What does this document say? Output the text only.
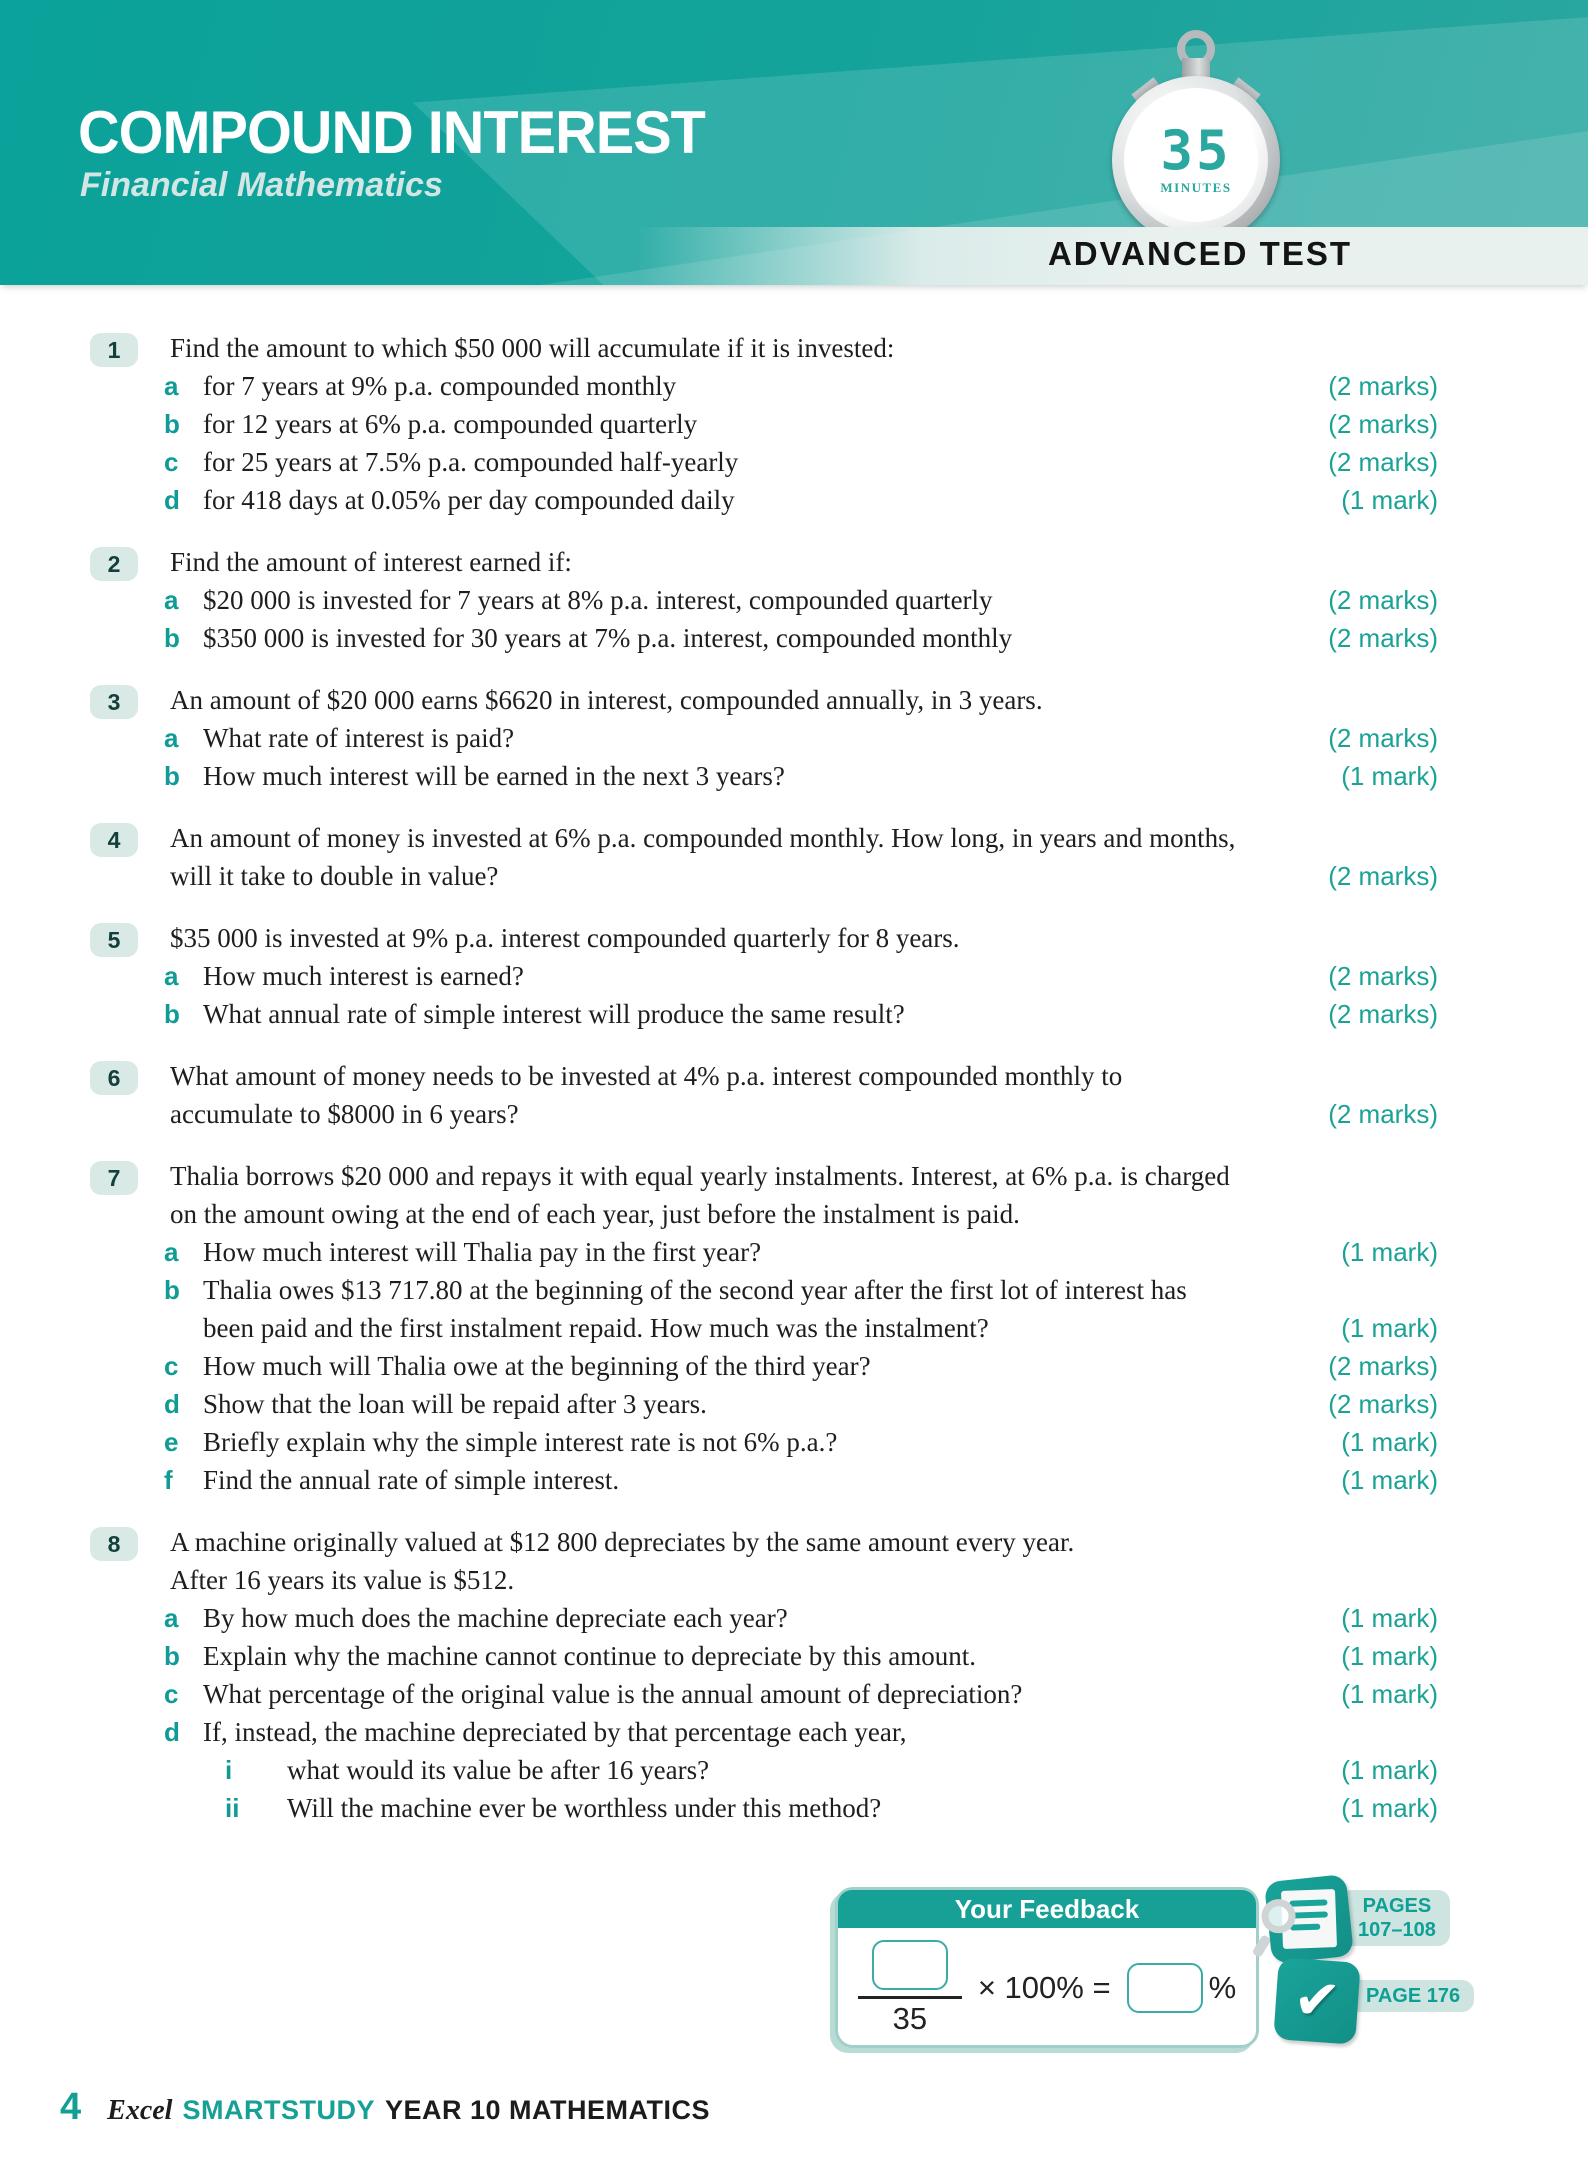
COMPOUND INTEREST
Financial Mathematics
35
MINUTES
ADVANCED TEST
1	Find the amount to which $50 000 will accumulate if it is invested:
a for 7 years at 9% p.a. compounded monthly	(2 marks)
b for 12 years at 6% p.a. compounded quarterly	(2 marks)
c for 25 years at 7.5% p.a. compounded half-yearly	(2 marks)
d for 418 days at 0.05% per day compounded daily	(1 mark)
2	Find the amount of interest earned if:
a $20 000 is invested for 7 years at 8% p.a. interest, compounded quarterly	(2 marks)
b $350 000 is invested for 30 years at 7% p.a. interest, compounded monthly	(2 marks)
3	An amount of $20 000 earns $6620 in interest, compounded annually, in 3 years.
a What rate of interest is paid?	(2 marks)
b How much interest will be earned in the next 3 years?	(1 mark)
4	An amount of money is invested at 6% p.a. compounded monthly. How long, in years and months,
will it take to double in value?	(2 marks)
5	$35 000 is invested at 9% p.a. interest compounded quarterly for 8 years.
a How much interest is earned?	(2 marks)
b What annual rate of simple interest will produce the same result?	(2 marks)
6	What amount of money needs to be invested at 4% p.a. interest compounded monthly to
accumulate to $8000 in 6 years?	(2 marks)
7	Thalia borrows $20 000 and repays it with equal yearly instalments. Interest, at 6% p.a. is charged
on the amount owing at the end of each year, just before the instalment is paid.
a How much interest will Thalia pay in the first year?	(1 mark)
b Thalia owes $13 717.80 at the beginning of the second year after the first lot of interest has
been paid and the first instalment repaid. How much was the instalment?	(1 mark)
c How much will Thalia owe at the beginning of the third year?	(2 marks)
d Show that the loan will be repaid after 3 years.	(2 marks)
e Briefly explain why the simple interest rate is not 6% p.a.?	(1 mark)
f	Find the annual rate of simple interest.	(1 mark)
8	A machine originally valued at $12 800 depreciates by the same amount every year.
After 16 years its value is $512.
a By how much does the machine depreciate each year?	(1 mark)
b Explain why the machine cannot continue to depreciate by this amount.	(1 mark)
c What percentage of the original value is the annual amount of depreciation?	(1 mark)
d If, instead, the machine depreciated by that percentage each year,
i	what would its value be after 16 years?	(1 mark)
ii	Will the machine ever be worthless under this method?	(1 mark)
Your Feedback
35
× 100% =	%
PAGES
107–108
✔ PAGE 176
4 Excel SMARTSTUDY YEAR 10 MATHEMATICS
